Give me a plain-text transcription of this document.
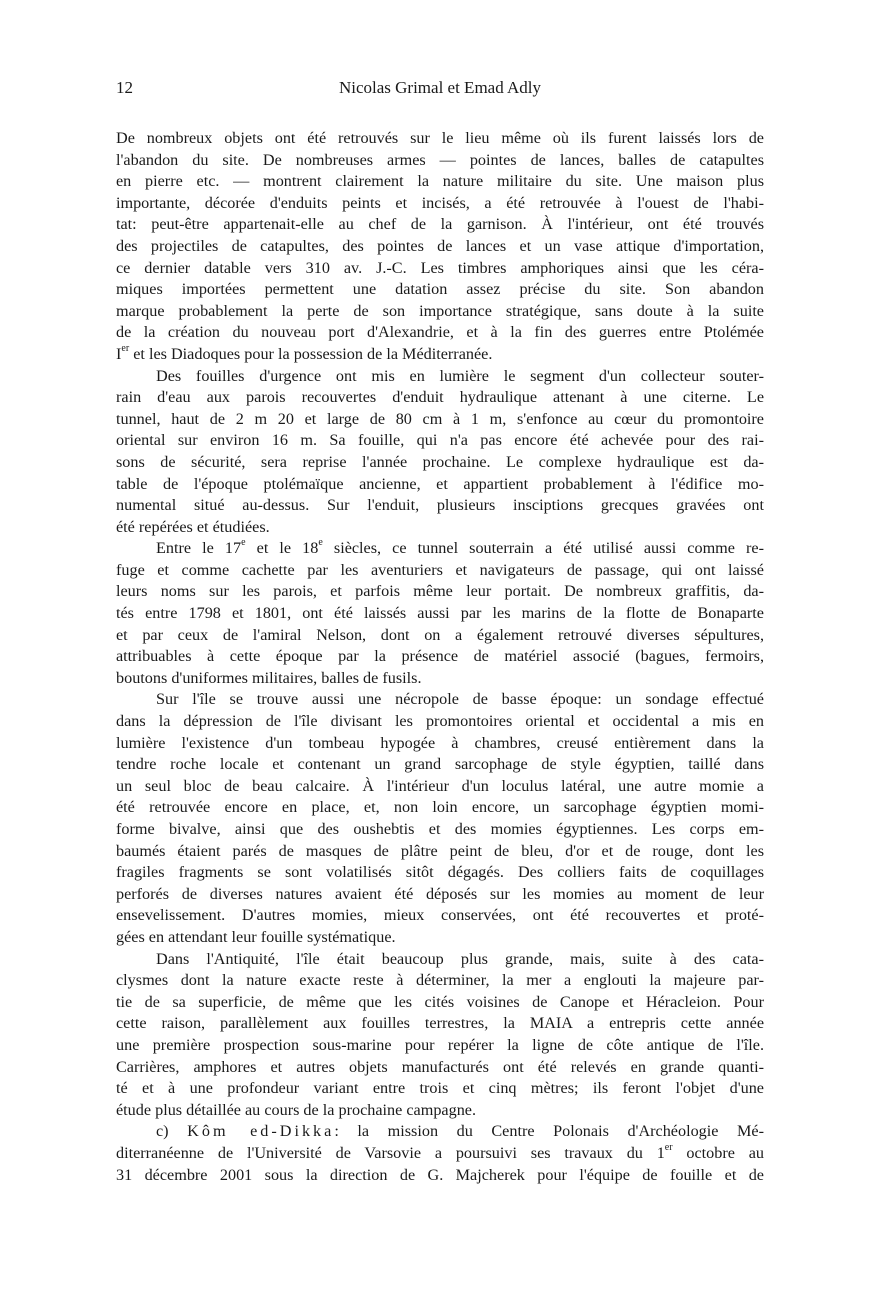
12	Nicolas Grimal et Emad Adly
De nombreux objets ont été retrouvés sur le lieu même où ils furent laissés lors de
l'abandon du site. De nombreuses armes — pointes de lances, balles de catapultes
en pierre etc. — montrent clairement la nature militaire du site. Une maison plus
importante, décorée d'enduits peints et incisés, a été retrouvée à l'ouest de l'habi-
tat: peut-être appartenait-elle au chef de la garnison. À l'intérieur, ont été trouvés
des projectiles de catapultes, des pointes de lances et un vase attique d'importation,
ce dernier datable vers 310 av. J.-C. Les timbres amphoriques ainsi que les céra-
miques importées permettent une datation assez précise du site. Son abandon
marque probablement la perte de son importance stratégique, sans doute à la suite
de la création du nouveau port d'Alexandrie, et à la fin des guerres entre Ptolémée
Ier et les Diadoques pour la possession de la Méditerranée.
Des fouilles d'urgence ont mis en lumière le segment d'un collecteur souter-
rain d'eau aux parois recouvertes d'enduit hydraulique attenant à une citerne. Le
tunnel, haut de 2 m 20 et large de 80 cm à 1 m, s'enfonce au cœur du promontoire
oriental sur environ 16 m. Sa fouille, qui n'a pas encore été achevée pour des rai-
sons de sécurité, sera reprise l'année prochaine. Le complexe hydraulique est da-
table de l'époque ptolémaïque ancienne, et appartient probablement à l'édifice mo-
numental situé au-dessus. Sur l'enduit, plusieurs insciptions grecques gravées ont
été repérées et étudiées.
Entre le 17e et le 18e siècles, ce tunnel souterrain a été utilisé aussi comme re-
fuge et comme cachette par les aventuriers et navigateurs de passage, qui ont laissé
leurs noms sur les parois, et parfois même leur portait. De nombreux graffitis, da-
tés entre 1798 et 1801, ont été laissés aussi par les marins de la flotte de Bonaparte
et par ceux de l'amiral Nelson, dont on a également retrouvé diverses sépultures,
attribuables à cette époque par la présence de matériel associé (bagues, fermoirs,
boutons d'uniformes militaires, balles de fusils.
Sur l'île se trouve aussi une nécropole de basse époque: un sondage effectué
dans la dépression de l'île divisant les promontoires oriental et occidental a mis en
lumière l'existence d'un tombeau hypogée à chambres, creusé entièrement dans la
tendre roche locale et contenant un grand sarcophage de style égyptien, taillé dans
un seul bloc de beau calcaire. À l'intérieur d'un loculus latéral, une autre momie a
été retrouvée encore en place, et, non loin encore, un sarcophage égyptien momi-
forme bivalve, ainsi que des oushebtis et des momies égyptiennes. Les corps em-
baumés étaient parés de masques de plâtre peint de bleu, d'or et de rouge, dont les
fragiles fragments se sont volatilisés sitôt dégagés. Des colliers faits de coquillages
perforés de diverses natures avaient été déposés sur les momies au moment de leur
ensevelissement. D'autres momies, mieux conservées, ont été recouvertes et proté-
gées en attendant leur fouille systématique.
Dans l'Antiquité, l'île était beaucoup plus grande, mais, suite à des cata-
clysmes dont la nature exacte reste à déterminer, la mer a englouti la majeure par-
tie de sa superficie, de même que les cités voisines de Canope et Héracleion. Pour
cette raison, parallèlement aux fouilles terrestres, la MAIA a entrepris cette année
une première prospection sous-marine pour repérer la ligne de côte antique de l'île.
Carrières, amphores et autres objets manufacturés ont été relevés en grande quanti-
té et à une profondeur variant entre trois et cinq mètres; ils feront l'objet d'une
étude plus détaillée au cours de la prochaine campagne.
c) Kôm ed-Dikka: la mission du Centre Polonais d'Archéologie Mé-
diterranéenne de l'Université de Varsovie a poursuivi ses travaux du 1er octobre au
31 décembre 2001 sous la direction de G. Majcherek pour l'équipe de fouille et de
